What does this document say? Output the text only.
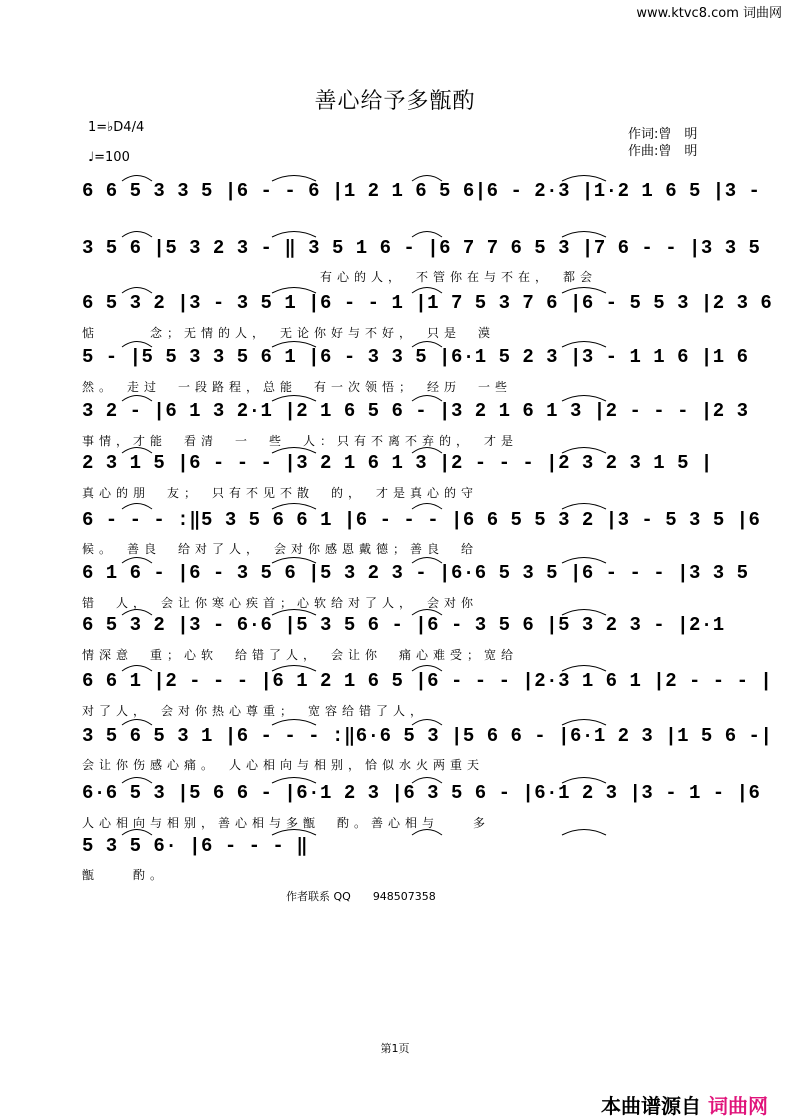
www.ktvc8.com 词曲网
善心给予多甑酌
1=♭D4/4
♩=100
作词:曾　明
作曲:曾　明
6 6 5 3 3 5 |6 - - 6 |1 2 1 6 5 6|6 - 2·3 |1·2 1 6 5 |3 -
3 5 6 |5 3 2 3 - ‖ 3 5 1 6 - |6 7 7 6 5 3 |7 6 - - |3 3 5
　　　　　　　　　　　　　　有心的人，　不管你在与不在，　都会
6 5 3 2 |3 - 3 5 1 |6 - - 1 |1 7 5 3 7 6 |6 - 5 5 3 |2 3 6
惦　　　念；无情的人，　无论你好与不好，　只是　漠
5 - |5 5 3 3 5 6 1 |6 - 3 3 5 |6·1 5 2 3 |3 - 1 1 6 |1 6
然。　走过　一段路程，总能　有一次领悟；　经历　一些
3 2 - |6 1 3 2·1 |2 1 6 5 6 - |3 2 1 6 1 3 |2 - - - |2 3
事情，才能　看清　一　些　人：只有不离不弃的，　才是
2 3 1 5 |6 - - - |3 2 1 6 1 3 |2 - - - |2 3 2 3 1 5 |
真心的朋　友；　只有不见不散　的，　才是真心的守
6 - - - :‖5 3 5 6 6 1 |6 - - - |6 6 5 5 3 2 |3 - 5 3 5 |6
候。　善良　给对了人，　会对你感恩戴德；善良　给
6 1 6 - |6 - 3 5 6 |5 3 2 3 - |6·6 5 3 5 |6 - - - |3 3 5
错　人，　会让你寒心疾首；心软给对了人，　会对你
6 5 3 2 |3 - 6·6 |5 3 5 6 - |6 - 3 5 6 |5 3 2 3 - |2·1
情深意　重；心软　给错了人，　会让你　痛心难受；宽给
6 6 1 |2 - - - |6 1 2 1 6 5 |6 - - - |2·3 1 6 1 |2 - - - |
对了人，　会对你热心尊重；　宽容给错了人，
3 5 6 5 3 1 |6 - - - :‖6·6 5 3 |5 6 6 - |6·1 2 3 |1 5 6 -|
会让你伤感心痛。　人心相向与相别，恰似水火两重天
6·6 5 3 |5 6 6 - |6·1 2 3 |6 3 5 6 - |6·1 2 3 |3 - 1 - |6
人心相向与相别，善心相与多甑　酌。善心相与　　多
5 3 5 6· |6 - - - ‖
甑　　酌。
作者联系 QQ　　948507358
第1页
本曲谱源自 词曲网
